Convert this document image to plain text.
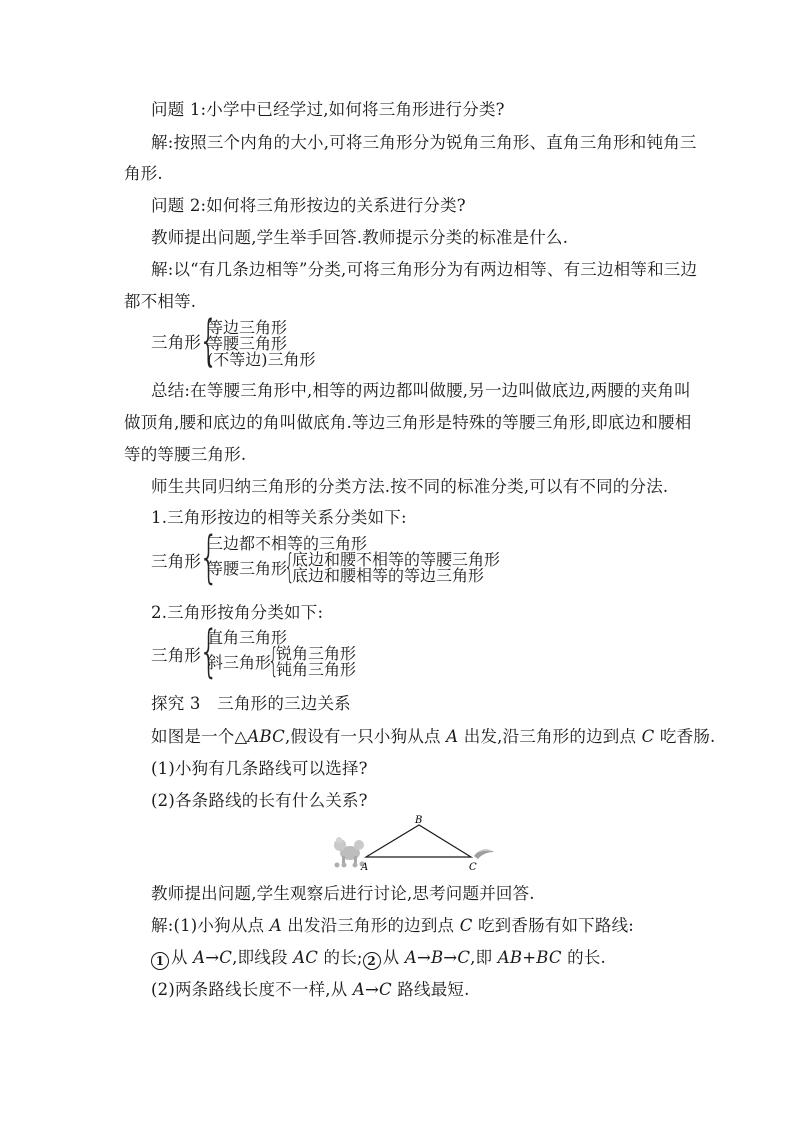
问题 1:小学中已经学过,如何将三角形进行分类?
解:按照三个内角的大小,可将三角形分为锐角三角形、直角三角形和钝角三
角形.
问题 2:如何将三角形按边的关系进行分类?
教师提出问题,学生举手回答.教师提示分类的标准是什么.
解:以“有几条边相等”分类,可将三角形分为有两边相等、有三边相等和三边
都不相等.
三角形
{
等边三角形
等腰三角形
(不等边)三角形
总结:在等腰三角形中,相等的两边都叫做腰,另一边叫做底边,两腰的夹角叫
做顶角,腰和底边的角叫做底角.等边三角形是特殊的等腰三角形,即底边和腰相
等的等腰三角形.
师生共同归纳三角形的分类方法.按不同的标准分类,可以有不同的分法.
1.三角形按边的相等关系分类如下:
三角形
{
三边都不相等的三角形
等腰三角形
{
底边和腰不相等的等腰三角形
底边和腰相等的等边三角形
2.三角形按角分类如下:
三角形
{
直角三角形
斜三角形
{
锐角三角形
钝角三角形
探究 3　三角形的三边关系
如图是一个△ABC,假设有一只小狗从点 A 出发,沿三角形的边到点 C 吃香肠.
(1)小狗有几条路线可以选择?
(2)各条路线的长有什么关系?
A
B
C
教师提出问题,学生观察后进行讨论,思考问题并回答.
解:(1)小狗从点 A 出发沿三角形的边到点 C 吃到香肠有如下路线:
1 从 A→C,即线段 AC 的长; 2 从 A→B→C,即 AB+BC 的长.
(2)两条路线长度不一样,从 A→C 路线最短.
